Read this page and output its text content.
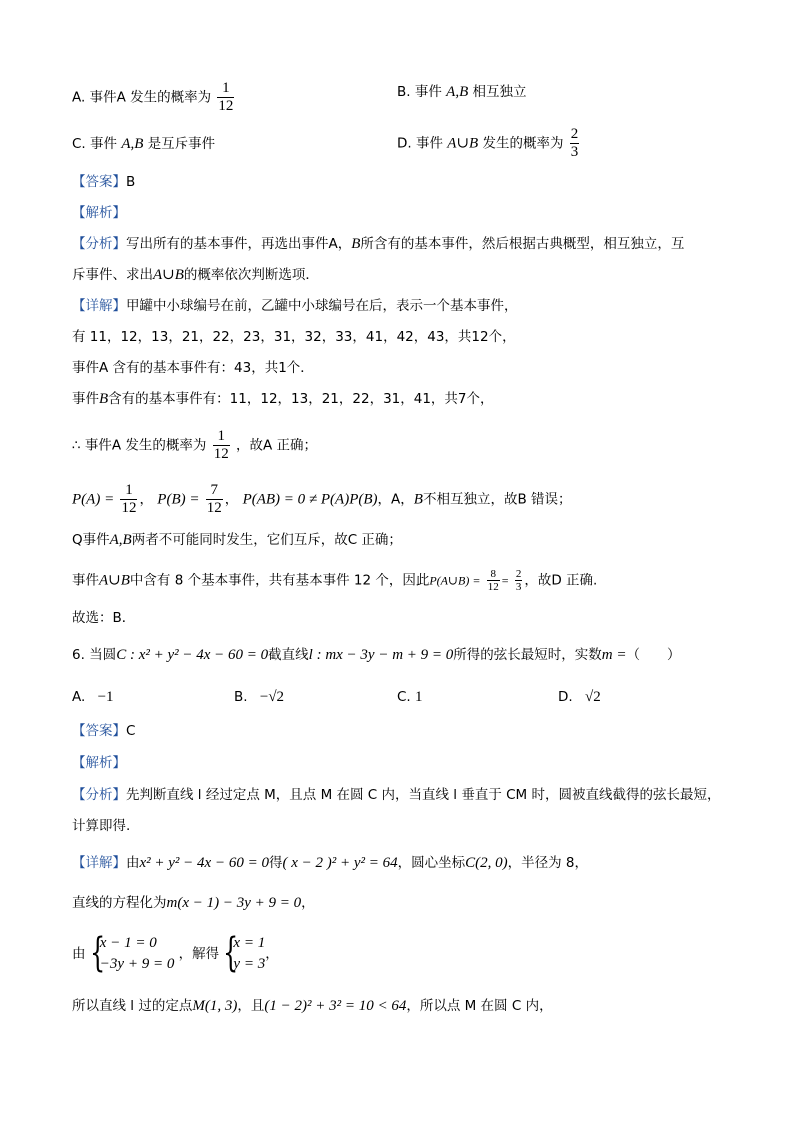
A. 事件A 发生的概率为 $\frac{1}{12}$	B. 事件 A,B 相互独立
C. 事件 A,B 是互斥事件	D. 事件 A∪B 发生的概率为 $\frac{2}{3}$
【答案】B
【解析】
【分析】写出所有的基本事件，再选出事件A，B所含有的基本事件，然后根据古典概型，相互独立，互
斥事件、求出A∪B的概率依次判断选项．
【详解】甲罐中小球编号在前，乙罐中小球编号在后，表示一个基本事件，
有 11，12，13，21，22，23，31，32，33，41，42，43，共12个，
事件A 含有的基本事件有：43，共1个．
事件B含有的基本事件有：11，12，13，21，22，31，41，共7个，
∴ 事件A 发生的概率为 $\frac{1}{12}$ ，故A 正确；
$P(A) = \frac{1}{12}$ ， $P(B) = \frac{7}{12}$ ， P(AB) = 0 ≠ P(A)P(B)，A，B不相互独立，故B 错误；
Q事件A,B两者不可能同时发生，它们互斥，故C 正确；
事件A∪B中含有 8 个基本事件，共有基本事件 12 个，因此P(A∪B) = $\frac{8}{12} = \frac{2}{3}$ ，故D 正确.
故选：B．
6. 当圆C : x² + y² − 4x − 60 = 0截直线l : mx − 3y − m + 9 = 0所得的弦长最短时，实数m =（　　）
A. −1	B. −√2	C. 1	D. √2
【答案】C
【解析】
【分析】先判断直线 l 经过定点 M，且点 M 在圆 C 内，当直线 l 垂直于 CM 时，圆被直线截得的弦长最短，
计算即得.
【详解】由x² + y² − 4x − 60 = 0得( x − 2 )² + y² = 64，圆心坐标C(2, 0)，半径为 8，
直线的方程化为m(x − 1) − 3y + 9 = 0，
由 {
x − 1 = 0
−3y + 9 = 0
，解得 {
x = 1
y = 3
，
所以直线 l 过的定点M(1, 3)，且(1 − 2)² + 3² = 10 < 64，所以点 M 在圆 C 内，
